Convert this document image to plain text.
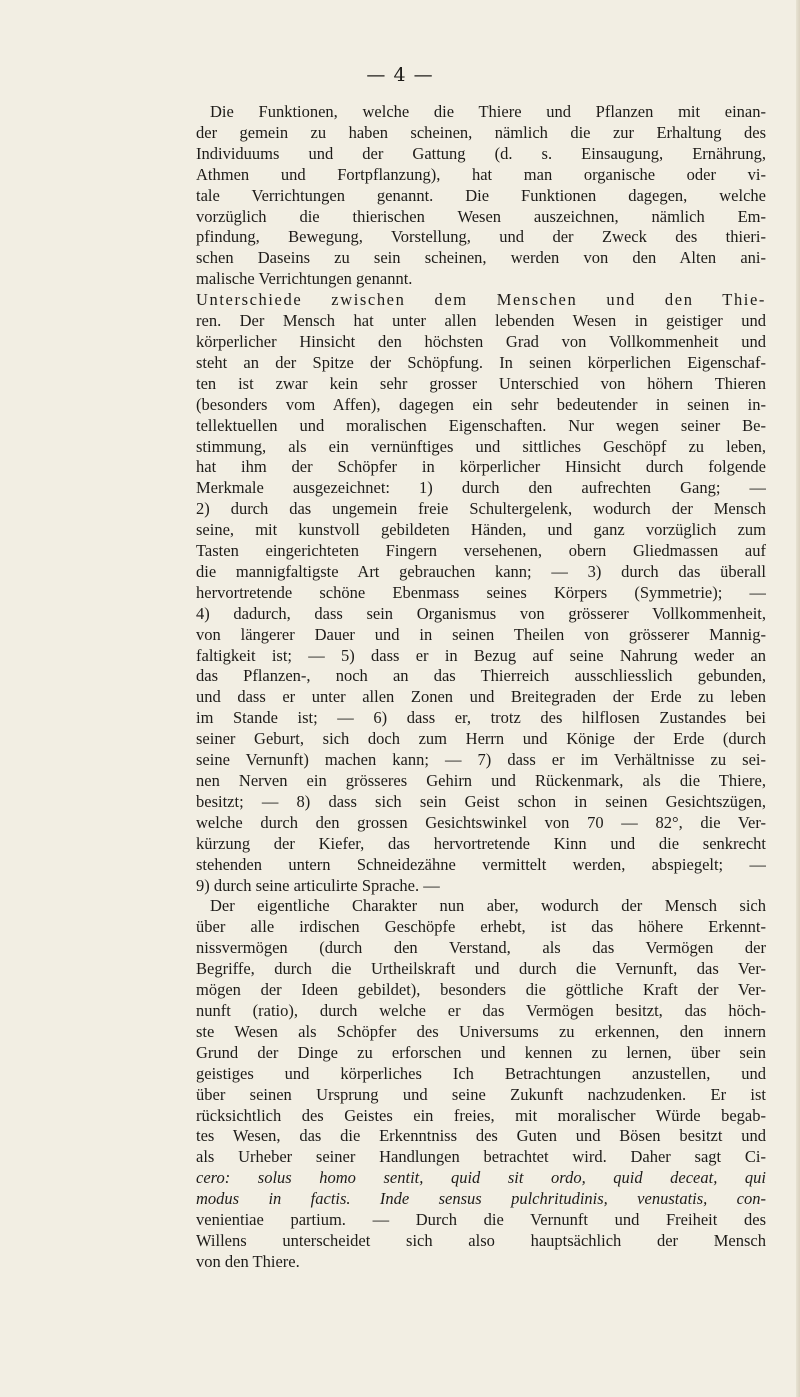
— 4 —
Die Funktionen, welche die Thiere und Pflanzen mit einan-
der gemein zu haben scheinen, nämlich die zur Erhaltung des
Individuums und der Gattung (d. s. Einsaugung, Ernährung,
Athmen und Fortpflanzung), hat man organische oder vi-
tale Verrichtungen genannt. Die Funktionen dagegen, welche
vorzüglich die thierischen Wesen auszeichnen, nämlich Em-
pfindung, Bewegung, Vorstellung, und der Zweck des thieri-
schen Daseins zu sein scheinen, werden von den Alten ani-
malische Verrichtungen genannt.
Unterschiede zwischen dem Menschen und den Thie-
ren. Der Mensch hat unter allen lebenden Wesen in geistiger und
körperlicher Hinsicht den höchsten Grad von Vollkommenheit und
steht an der Spitze der Schöpfung. In seinen körperlichen Eigenschaf-
ten ist zwar kein sehr grosser Unterschied von höhern Thieren
(besonders vom Affen), dagegen ein sehr bedeutender in seinen in-
tellektuellen und moralischen Eigenschaften. Nur wegen seiner Be-
stimmung, als ein vernünftiges und sittliches Geschöpf zu leben,
hat ihm der Schöpfer in körperlicher Hinsicht durch folgende
Merkmale ausgezeichnet: 1) durch den aufrechten Gang; —
2) durch das ungemein freie Schultergelenk, wodurch der Mensch
seine, mit kunstvoll gebildeten Händen, und ganz vorzüglich zum
Tasten eingerichteten Fingern versehenen, obern Gliedmassen auf
die mannigfaltigste Art gebrauchen kann; — 3) durch das überall
hervortretende schöne Ebenmass seines Körpers (Symmetrie); —
4) dadurch, dass sein Organismus von grösserer Vollkommenheit,
von längerer Dauer und in seinen Theilen von grösserer Mannig-
faltigkeit ist; — 5) dass er in Bezug auf seine Nahrung weder an
das Pflanzen-, noch an das Thierreich ausschliesslich gebunden,
und dass er unter allen Zonen und Breitegraden der Erde zu leben
im Stande ist; — 6) dass er, trotz des hilflosen Zustandes bei
seiner Geburt, sich doch zum Herrn und Könige der Erde (durch
seine Vernunft) machen kann; — 7) dass er im Verhältnisse zu sei-
nen Nerven ein grösseres Gehirn und Rückenmark, als die Thiere,
besitzt; — 8) dass sich sein Geist schon in seinen Gesichtszügen,
welche durch den grossen Gesichtswinkel von 70 — 82°, die Ver-
kürzung der Kiefer, das hervortretende Kinn und die senkrecht
stehenden untern Schneidezähne vermittelt werden, abspiegelt; —
9) durch seine articulirte Sprache. —
Der eigentliche Charakter nun aber, wodurch der Mensch sich
über alle irdischen Geschöpfe erhebt, ist das höhere Erkennt-
nissvermögen (durch den Verstand, als das Vermögen der
Begriffe, durch die Urtheilskraft und durch die Vernunft, das Ver-
mögen der Ideen gebildet), besonders die göttliche Kraft der Ver-
nunft (ratio), durch welche er das Vermögen besitzt, das höch-
ste Wesen als Schöpfer des Universums zu erkennen, den innern
Grund der Dinge zu erforschen und kennen zu lernen, über sein
geistiges und körperliches Ich Betrachtungen anzustellen, und
über seinen Ursprung und seine Zukunft nachzudenken. Er ist
rücksichtlich des Geistes ein freies, mit moralischer Würde begab-
tes Wesen, das die Erkenntniss des Guten und Bösen besitzt und
als Urheber seiner Handlungen betrachtet wird. Daher sagt Ci-
cero: solus homo sentit, quid sit ordo, quid deceat, qui
modus in factis. Inde sensus pulchritudinis, venustatis, con-
venientiae partium. — Durch die Vernunft und Freiheit des
Willens unterscheidet sich also hauptsächlich der Mensch
von den Thiere.
